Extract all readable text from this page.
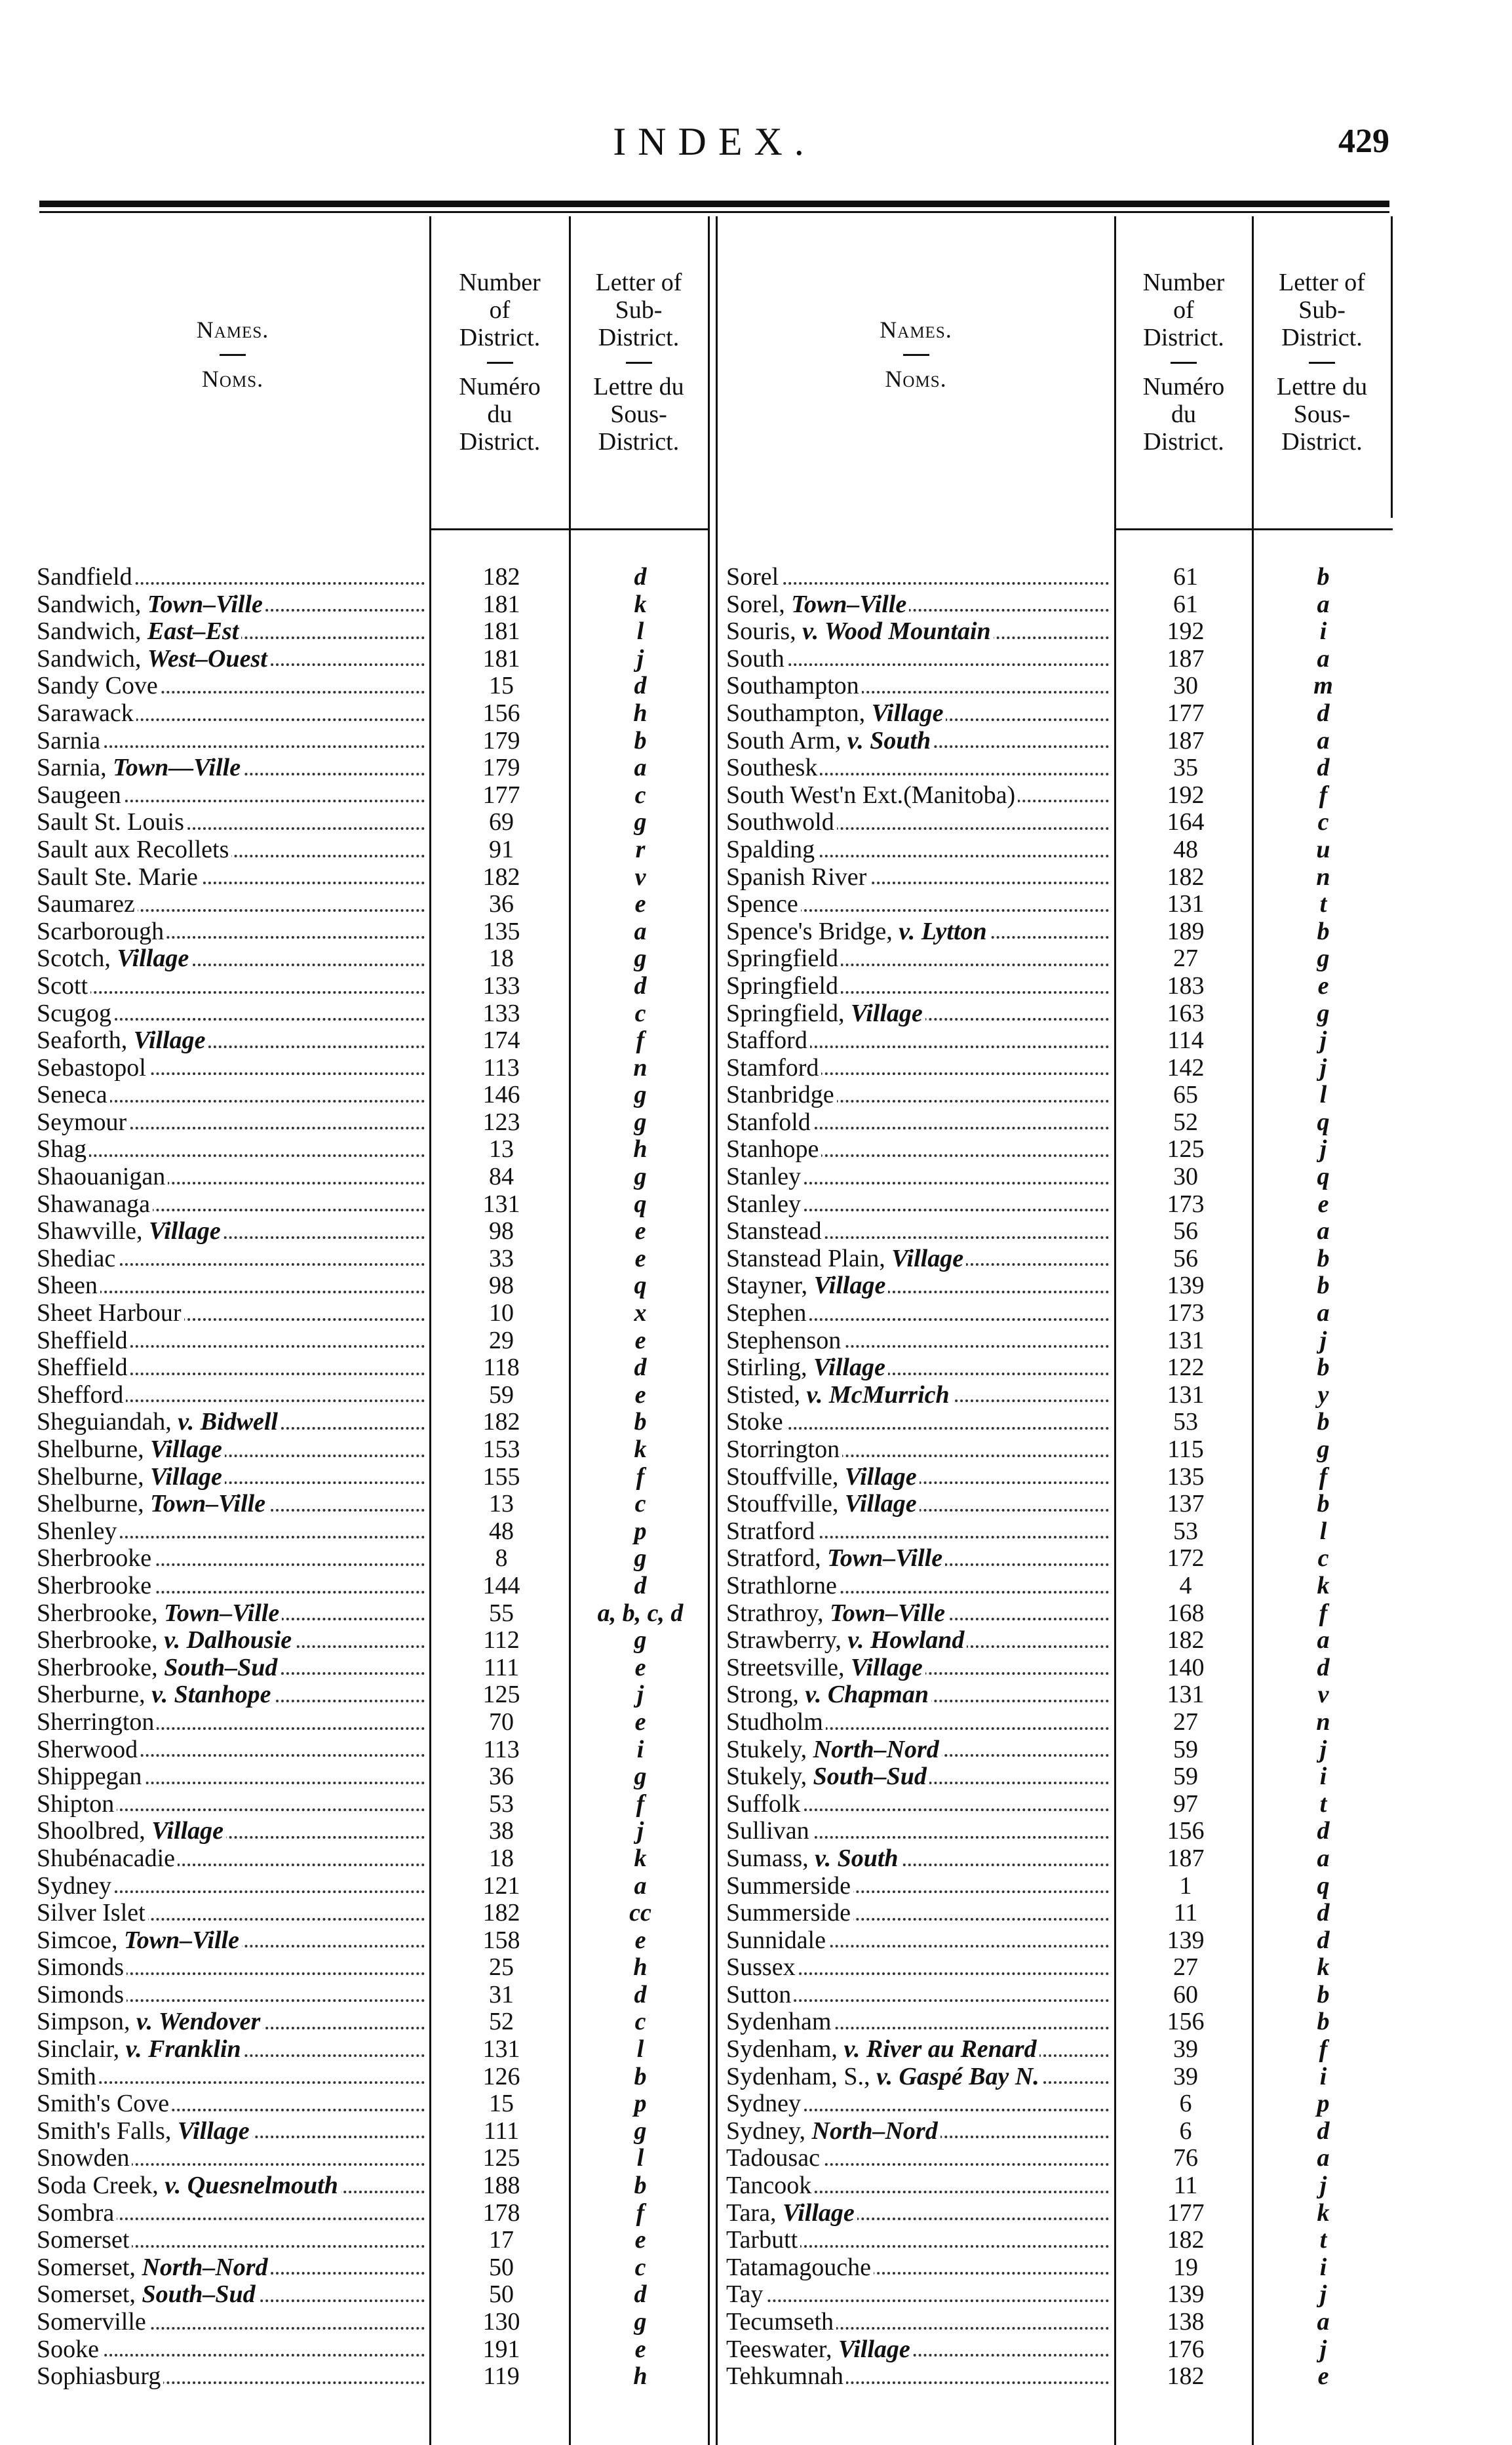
INDEX.	429
Names.
Noms.
Number
of
District.
Numéro
du
District.
Letter of
Sub-
District.
Lettre du
Sous-
District.
Names.
Noms.
Number
of
District.
Numéro
du
District.
Letter of
Sub-
District.
Lettre du
Sous-
District.
Sandfield
Sandwich, Town–Ville
Sandwich, East–Est
Sandwich, West–Ouest
Sandy Cove
Sarawack
Sarnia
Sarnia, Town—Ville
Saugeen
Sault St. Louis
Sault aux Recollets
Sault Ste. Marie
Saumarez
Scarborough
Scotch, Village
Scott
Scugog
Seaforth, Village
Sebastopol
Seneca
Seymour
Shag
Shaouanigan
Shawanaga
Shawville, Village
Shediac
Sheen
Sheet Harbour
Sheffield
Sheffield
Shefford
Sheguiandah, v. Bidwell
Shelburne, Village
Shelburne, Village
Shelburne, Town–Ville
Shenley
Sherbrooke
Sherbrooke
Sherbrooke, Town–Ville
Sherbrooke, v. Dalhousie
Sherbrooke, South–Sud
Sherburne, v. Stanhope
Sherrington
Sherwood
Shippegan
Shipton
Shoolbred, Village
Shubénacadie
Sydney
Silver Islet
Simcoe, Town–Ville
Simonds
Simonds
Simpson, v. Wendover
Sinclair, v. Franklin
Smith
Smith's Cove
Smith's Falls, Village
Snowden
Soda Creek, v. Quesnelmouth
Sombra
Somerset
Somerset, North–Nord
Somerset, South–Sud
Somerville
Sooke
Sophiasburg
182
181
181
181
15
156
179
179
177
69
91
182
36
135
18
133
133
174
113
146
123
13
84
131
98
33
98
10
29
118
59
182
153
155
13
48
8
144
55
112
111
125
70
113
36
53
38
18
121
182
158
25
31
52
131
126
15
111
125
188
178
17
50
50
130
191
119
d
k
l
j
d
h
b
a
c
g
r
v
e
a
g
d
c
f
n
g
g
h
g
q
e
e
q
x
e
d
e
b
k
f
c
p
g
d
a, b, c, d
g
e
j
e
i
g
f
j
k
a
cc
e
h
d
c
l
b
p
g
l
b
f
e
c
d
g
e
h
Sorel
Sorel, Town–Ville
Souris, v. Wood Mountain
South
Southampton
Southampton, Village
South Arm, v. South
Southesk
South West'n Ext.(Manitoba)
Southwold
Spalding
Spanish River
Spence
Spence's Bridge, v. Lytton
Springfield
Springfield
Springfield, Village
Stafford
Stamford
Stanbridge
Stanfold
Stanhope
Stanley
Stanley
Stanstead
Stanstead Plain, Village
Stayner, Village
Stephen
Stephenson
Stirling, Village
Stisted, v. McMurrich
Stoke
Storrington
Stouffville, Village
Stouffville, Village
Stratford
Stratford, Town–Ville
Strathlorne
Strathroy, Town–Ville
Strawberry, v. Howland
Streetsville, Village
Strong, v. Chapman
Studholm
Stukely, North–Nord
Stukely, South–Sud
Suffolk
Sullivan
Sumass, v. South
Summerside
Summerside
Sunnidale
Sussex
Sutton
Sydenham
Sydenham, v. River au Renard
Sydenham, S., v. Gaspé Bay N.
Sydney
Sydney, North–Nord
Tadousac
Tancook
Tara, Village
Tarbutt
Tatamagouche
Tay
Tecumseth
Teeswater, Village
Tehkumnah
61
61
192
187
30
177
187
35
192
164
48
182
131
189
27
183
163
114
142
65
52
125
30
173
56
56
139
173
131
122
131
53
115
135
137
53
172
4
168
182
140
131
27
59
59
97
156
187
1
11
139
27
60
156
39
39
6
6
76
11
177
182
19
139
138
176
182
b
a
i
a
m
d
a
d
f
c
u
n
t
b
g
e
g
j
j
l
q
j
q
e
a
b
b
a
j
b
y
b
g
f
b
l
c
k
f
a
d
v
n
j
i
t
d
a
q
d
d
k
b
b
f
i
p
d
a
j
k
t
i
j
a
j
e
